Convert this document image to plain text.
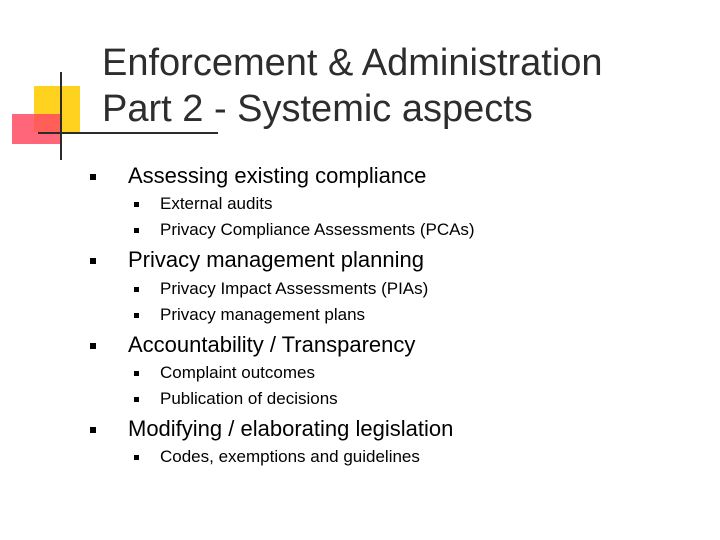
Enforcement & Administration
Part 2 - Systemic aspects
Assessing existing compliance
External audits
Privacy Compliance Assessments (PCAs)
Privacy management planning
Privacy Impact Assessments (PIAs)
Privacy management plans
Accountability / Transparency
Complaint outcomes
Publication of decisions
Modifying / elaborating legislation
Codes, exemptions and guidelines
